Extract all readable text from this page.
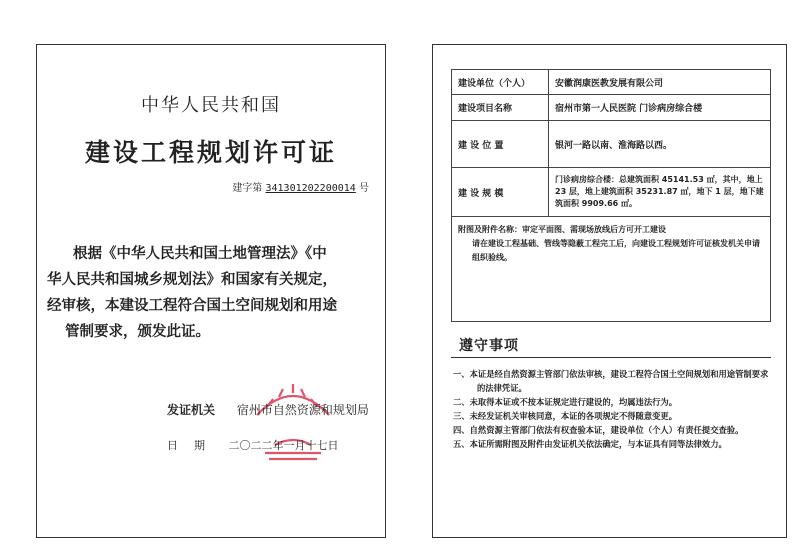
中华人民共和国
建设工程规划许可证
建字第 341301202200014 号
根据《中华人民共和国土地管理法》《中
华人民共和国城乡规划法》和国家有关规定，
经审核，本建设工程符合国土空间规划和用途
管制要求，颁发此证。
发证机关 宿州市自然资源和规划局
日期 二〇二二年一月十七日
建设单位（个人）	安徽润康医教发展有限公司
建设项目名称	宿州市第一人民医院 门诊病房综合楼
建 设 位 置	银河一路以南、淮海路以西。
建 设 规 模	门诊病房综合楼：总建筑面积 45141.53 ㎡，其中，地上 23 层，地上建筑面积 35231.87 ㎡，地下 1 层，地下建筑面积 9909.66 ㎡。

附图及附件名称：审定平面图、需现场放线后方可开工建设
请在建设工程基础、管线等隐蔽工程完工后，向建设工程规划许可证核发机关申请组织验线。	
遵守事项
一、本证是经自然资源主管部门依法审核，建设工程符合国土空间规划和用途管制要求的法律凭证。
二、未取得本证或不按本证规定进行建设的，均属违法行为。
三、未经发证机关审核同意，本证的各项规定不得随意变更。
四、自然资源主管部门依法有权查验本证，建设单位（个人）有责任提交查验。
五、本证所需附图及附件由发证机关依法确定，与本证具有同等法律效力。
